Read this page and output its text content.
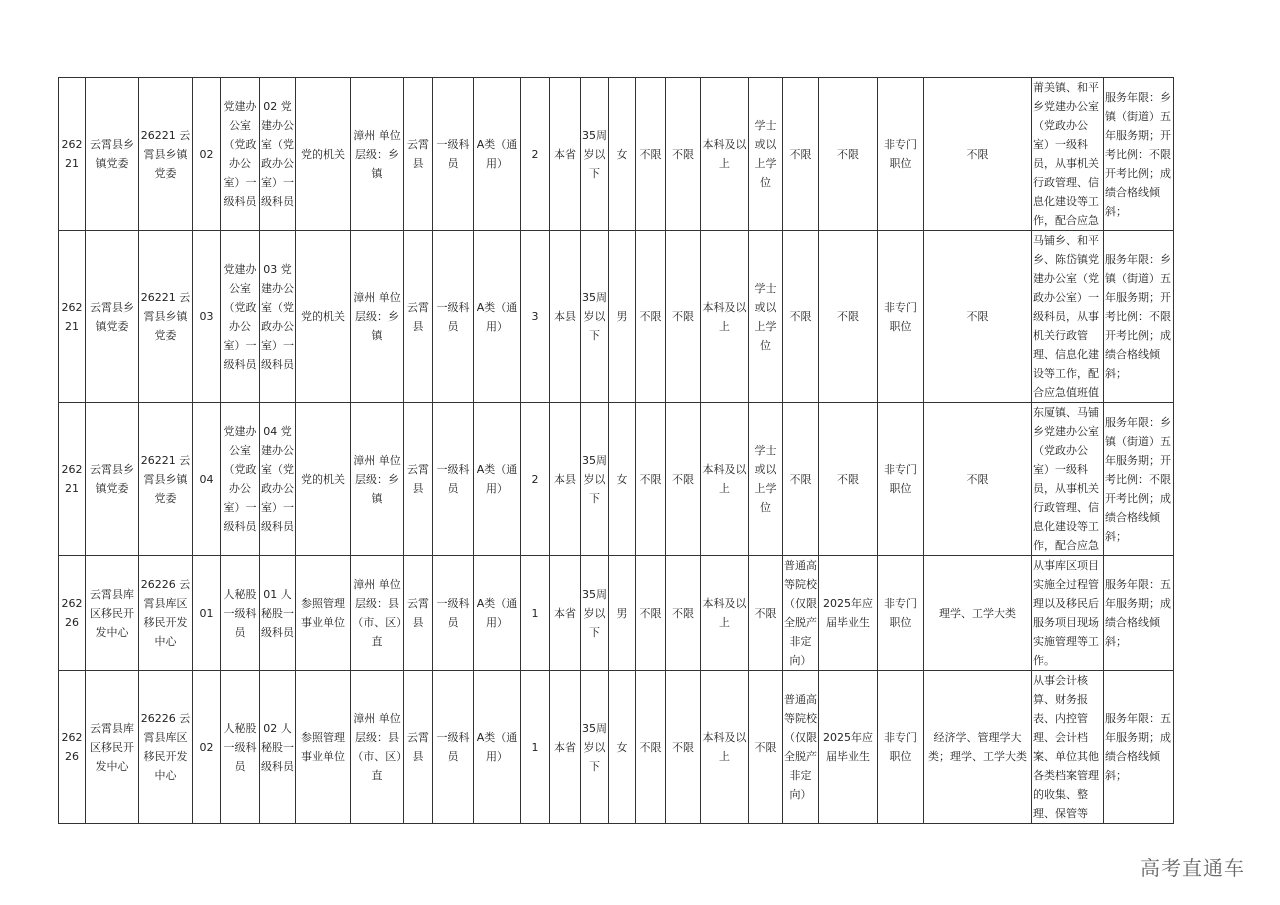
26221	云霄县乡镇党委	26221 云霄县乡镇党委	02	党建办公室（党政办公室）一级科员	02 党建办公室（党政办公室）一级科员	党的机关	漳州 单位层级：乡镇	云霄县	一级科员	A类（通用）	2	本省	35周岁以下	女	不限	不限	本科及以上	学士或以上学位	不限	不限	非专门职位	不限	莆美镇、和平乡党建办公室（党政办公室）一级科员，从事机关行政管理、信息化建设等工作，配合应急	服务年限：乡镇（街道）五年服务期；开考比例：不限开考比例；成绩合格线倾斜；
26221	云霄县乡镇党委	26221 云霄县乡镇党委	03	党建办公室（党政办公室）一级科员	03 党建办公室（党政办公室）一级科员	党的机关	漳州 单位层级：乡镇	云霄县	一级科员	A类（通用）	3	本县	35周岁以下	男	不限	不限	本科及以上	学士或以上学位	不限	不限	非专门职位	不限	马铺乡、和平乡、陈岱镇党建办公室（党政办公室）一级科员，从事机关行政管理、信息化建设等工作，配合应急值班值	服务年限：乡镇（街道）五年服务期；开考比例：不限开考比例；成绩合格线倾斜；
26221	云霄县乡镇党委	26221 云霄县乡镇党委	04	党建办公室（党政办公室）一级科员	04 党建办公室（党政办公室）一级科员	党的机关	漳州 单位层级：乡镇	云霄县	一级科员	A类（通用）	2	本县	35周岁以下	女	不限	不限	本科及以上	学士或以上学位	不限	不限	非专门职位	不限	东厦镇、马铺乡党建办公室（党政办公室）一级科员，从事机关行政管理、信息化建设等工作，配合应急	服务年限：乡镇（街道）五年服务期；开考比例：不限开考比例；成绩合格线倾斜；
26226	云霄县库区移民开发中心	26226 云霄县库区移民开发中心	01	人秘股一级科员	01 人秘股一级科员	参照管理事业单位	漳州 单位层级：县（市、区）直	云霄县	一级科员	A类（通用）	1	本省	35周岁以下	男	不限	不限	本科及以上	不限	普通高等院校（仅限全脱产非定向）	2025年应届毕业生	非专门职位	理学、工学大类	从事库区项目实施全过程管理以及移民后服务项目现场实施管理等工作。	服务年限：五年服务期；成绩合格线倾斜；
26226	云霄县库区移民开发中心	26226 云霄县库区移民开发中心	02	人秘股一级科员	02 人秘股一级科员	参照管理事业单位	漳州 单位层级：县（市、区）直	云霄县	一级科员	A类（通用）	1	本省	35周岁以下	女	不限	不限	本科及以上	不限	普通高等院校（仅限全脱产非定向）	2025年应届毕业生	非专门职位	经济学、管理学大类；理学、工学大类	从事会计核算、财务报表、内控管理、会计档案、单位其他各类档案管理的收集、整理、保管等	服务年限：五年服务期；成绩合格线倾斜；
高考直通车
